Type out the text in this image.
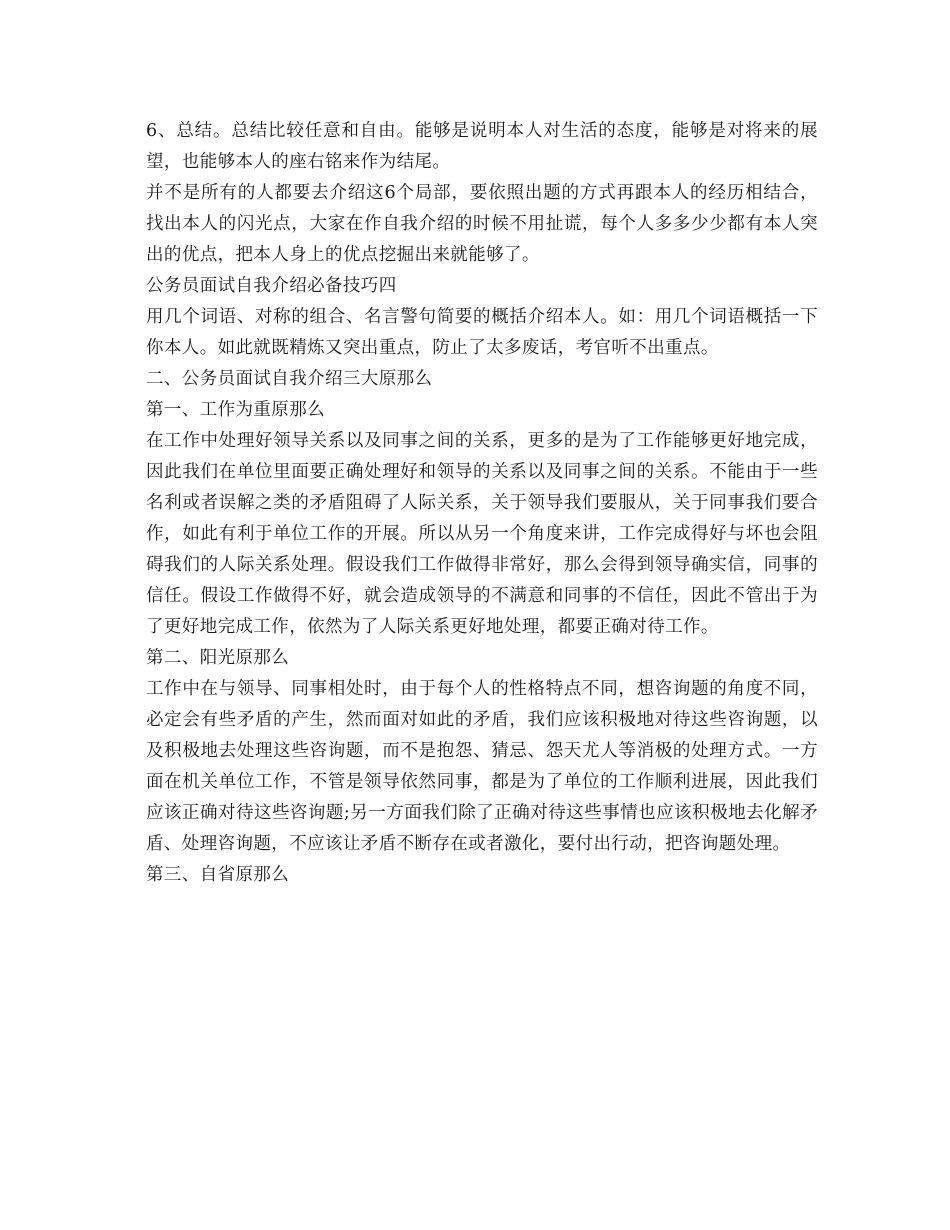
6、总结。总结比较任意和自由。能够是说明本人对生活的态度，能够是对将来的展望，也能够本人的座右铭来作为结尾。

并不是所有的人都要去介绍这6个局部，要依照出题的方式再跟本人的经历相结合，找出本人的闪光点，大家在作自我介绍的时候不用扯谎，每个人多多少少都有本人突出的优点，把本人身上的优点挖掘出来就能够了。

公务员面试自我介绍必备技巧四

用几个词语、对称的组合、名言警句简要的概括介绍本人。如：用几个词语概括一下你本人。如此就既精炼又突出重点，防止了太多废话，考官听不出重点。

二、公务员面试自我介绍三大原那么

第一、工作为重原那么

在工作中处理好领导关系以及同事之间的关系，更多的是为了工作能够更好地完成，因此我们在单位里面要正确处理好和领导的关系以及同事之间的关系。不能由于一些名利或者误解之类的矛盾阻碍了人际关系，关于领导我们要服从，关于同事我们要合作，如此有利于单位工作的开展。所以从另一个角度来讲，工作完成得好与坏也会阻碍我们的人际关系处理。假设我们工作做得非常好，那么会得到领导确实信，同事的信任。假设工作做得不好，就会造成领导的不满意和同事的不信任，因此不管出于为了更好地完成工作，依然为了人际关系更好地处理，都要正确对待工作。

第二、阳光原那么

工作中在与领导、同事相处时，由于每个人的性格特点不同，想咨询题的角度不同，必定会有些矛盾的产生，然而面对如此的矛盾，我们应该积极地对待这些咨询题，以及积极地去处理这些咨询题，而不是抱怨、猜忌、怨天尤人等消极的处理方式。一方面在机关单位工作，不管是领导依然同事，都是为了单位的工作顺利进展，因此我们应该正确对待这些咨询题;另一方面我们除了正确对待这些事情也应该积极地去化解矛盾、处理咨询题，不应该让矛盾不断存在或者激化，要付出行动，把咨询题处理。

第三、自省原那么
